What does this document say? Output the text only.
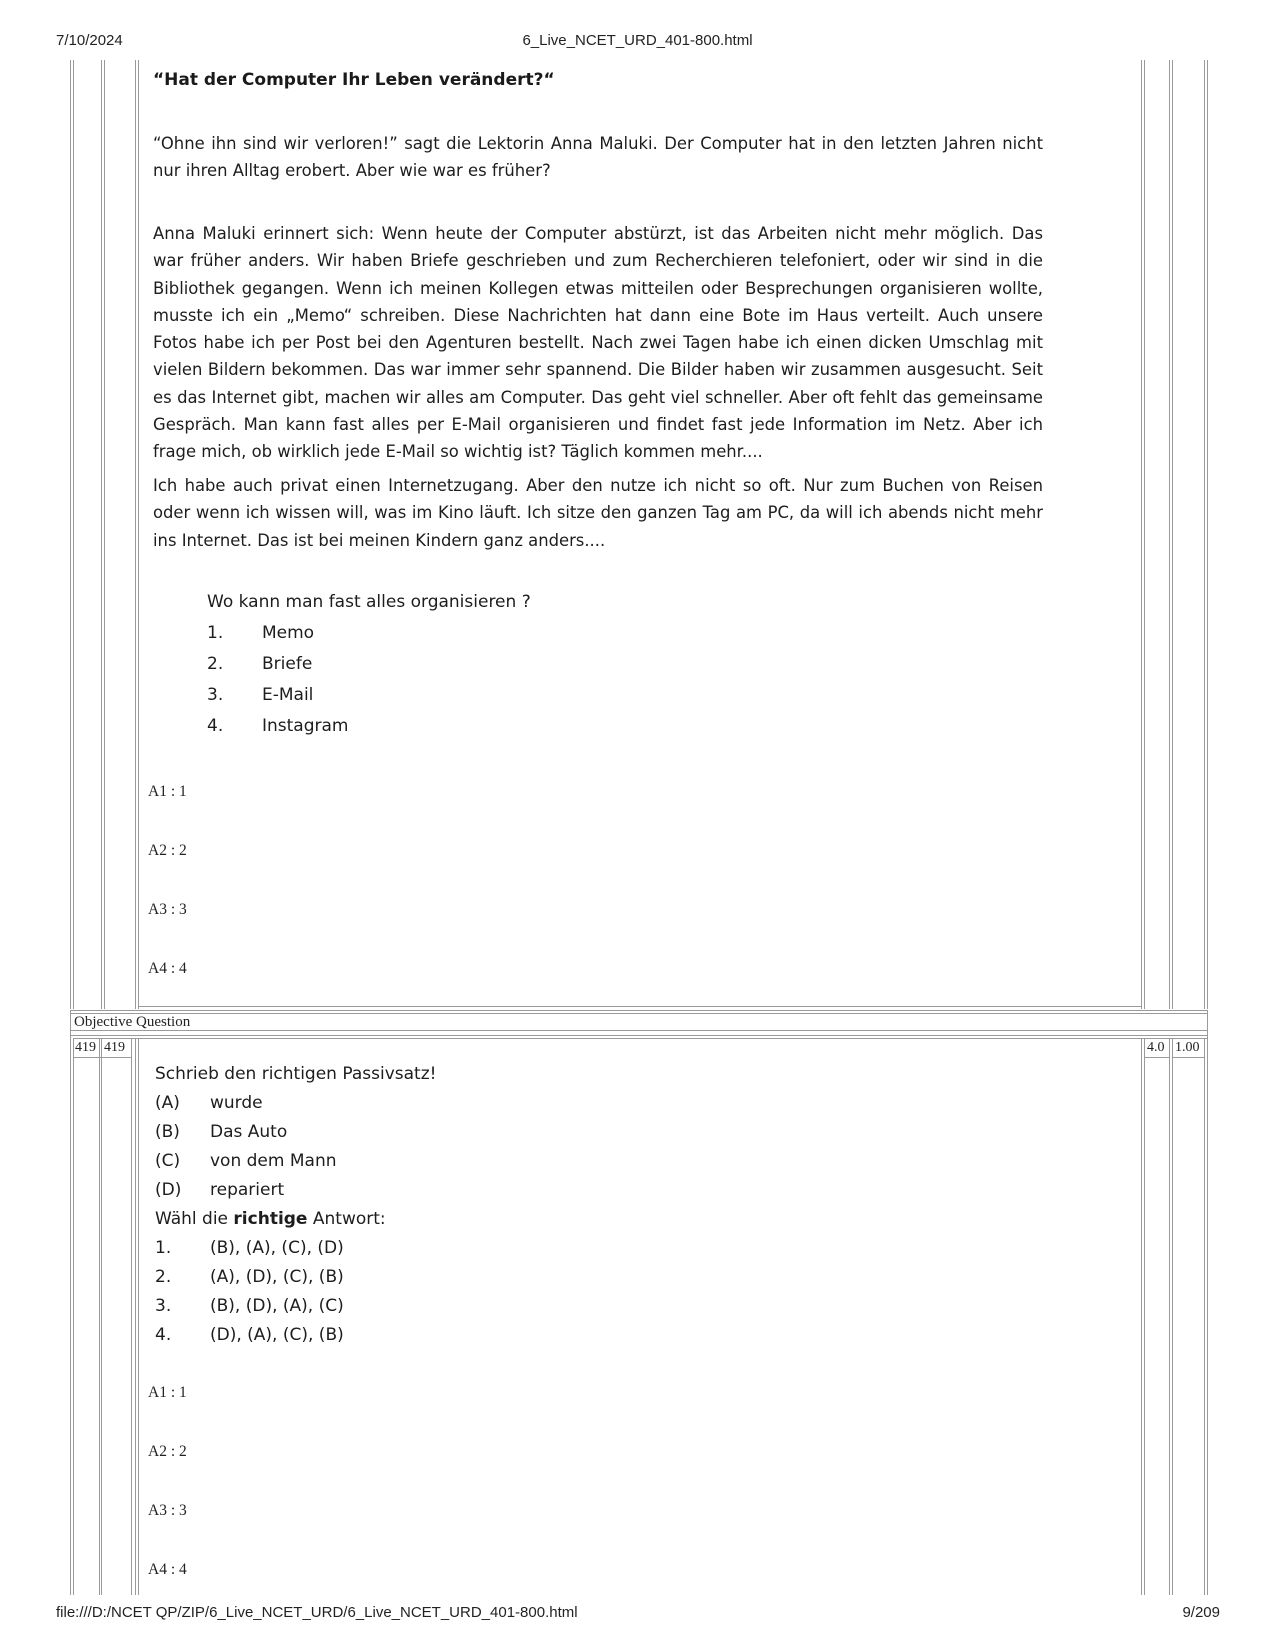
7/10/2024	6_Live_NCET_URD_401-800.html
“Hat der Computer Ihr Leben verändert?“

“Ohne ihn sind wir verloren!” sagt die Lektorin Anna Maluki. Der Computer hat in den letzten Jahren nicht nur ihren Alltag erobert. Aber wie war es früher?

Anna Maluki erinnert sich: Wenn heute der Computer abstürzt, ist das Arbeiten nicht mehr möglich. Das war früher anders. Wir haben Briefe geschrieben und zum Recherchieren telefoniert, oder wir sind in die Bibliothek gegangen. Wenn ich meinen Kollegen etwas mitteilen oder Besprechungen organisieren wollte, musste ich ein „Memo“ schreiben. Diese Nachrichten hat dann eine Bote im Haus verteilt. Auch unsere Fotos habe ich per Post bei den Agenturen bestellt. Nach zwei Tagen habe ich einen dicken Umschlag mit vielen Bildern bekommen. Das war immer sehr spannend. Die Bilder haben wir zusammen ausgesucht. Seit es das Internet gibt, machen wir alles am Computer. Das geht viel schneller. Aber oft fehlt das gemeinsame Gespräch. Man kann fast alles per E-Mail organisieren und findet fast jede Information im Netz. Aber ich frage mich, ob wirklich jede E-Mail so wichtig ist? Täglich kommen mehr....

Ich habe auch privat einen Internetzugang. Aber den nutze ich nicht so oft. Nur zum Buchen von Reisen oder wenn ich wissen will, was im Kino läuft. Ich sitze den ganzen Tag am PC, da will ich abends nicht mehr ins Internet. Das ist bei meinen Kindern ganz anders....

Wo kann man fast alles organisieren ?
1. Memo
2. Briefe
3. E-Mail
4. Instagram
A1 : 1
A2 : 2
A3 : 3
A4 : 4
Objective Question
419 419	4.0 1.00
Schrieb den richtigen Passivsatz!
(A) wurde
(B) Das Auto
(C) von dem Mann
(D) repariert
Wähl die richtige Antwort:
1. (B), (A), (C), (D)
2. (A), (D), (C), (B)
3. (B), (D), (A), (C)
4. (D), (A), (C), (B)
A1 : 1
A2 : 2
A3 : 3
A4 : 4
file:///D:/NCET QP/ZIP/6_Live_NCET_URD/6_Live_NCET_URD_401-800.html	9/209
